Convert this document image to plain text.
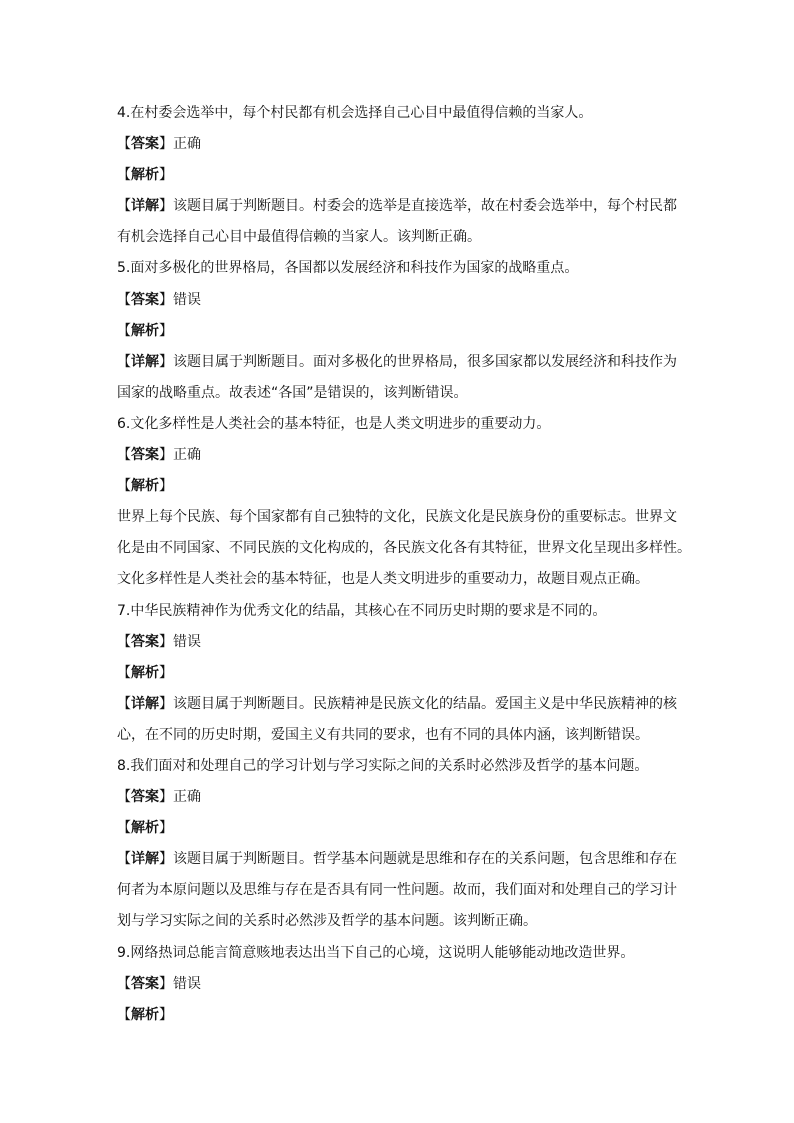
4.在村委会选举中，每个村民都有机会选择自己心目中最值得信赖的当家人。
【答案】正确
【解析】
【详解】该题目属于判断题目。村委会的选举是直接选举，故在村委会选举中，每个村民都
有机会选择自己心目中最值得信赖的当家人。该判断正确。
5.面对多极化的世界格局，各国都以发展经济和科技作为国家的战略重点。
【答案】错误
【解析】
【详解】该题目属于判断题目。面对多极化的世界格局，很多国家都以发展经济和科技作为
国家的战略重点。故表述“各国”是错误的，该判断错误。
6.文化多样性是人类社会的基本特征，也是人类文明进步的重要动力。
【答案】正确
【解析】
世界上每个民族、每个国家都有自己独特的文化，民族文化是民族身份的重要标志。世界文
化是由不同国家、不同民族的文化构成的，各民族文化各有其特征，世界文化呈现出多样性。
文化多样性是人类社会的基本特征，也是人类文明进步的重要动力，故题目观点正确。
7.中华民族精神作为优秀文化的结晶，其核心在不同历史时期的要求是不同的。
【答案】错误
【解析】
【详解】该题目属于判断题目。民族精神是民族文化的结晶。爱国主义是中华民族精神的核
心，在不同的历史时期，爱国主义有共同的要求，也有不同的具体内涵，该判断错误。
8.我们面对和处理自己的学习计划与学习实际之间的关系时必然涉及哲学的基本问题。
【答案】正确
【解析】
【详解】该题目属于判断题目。哲学基本问题就是思维和存在的关系问题，包含思维和存在
何者为本原问题以及思维与存在是否具有同一性问题。故而，我们面对和处理自己的学习计
划与学习实际之间的关系时必然涉及哲学的基本问题。该判断正确。
9.网络热词总能言简意赅地表达出当下自己的心境，这说明人能够能动地改造世界。
【答案】错误
【解析】
